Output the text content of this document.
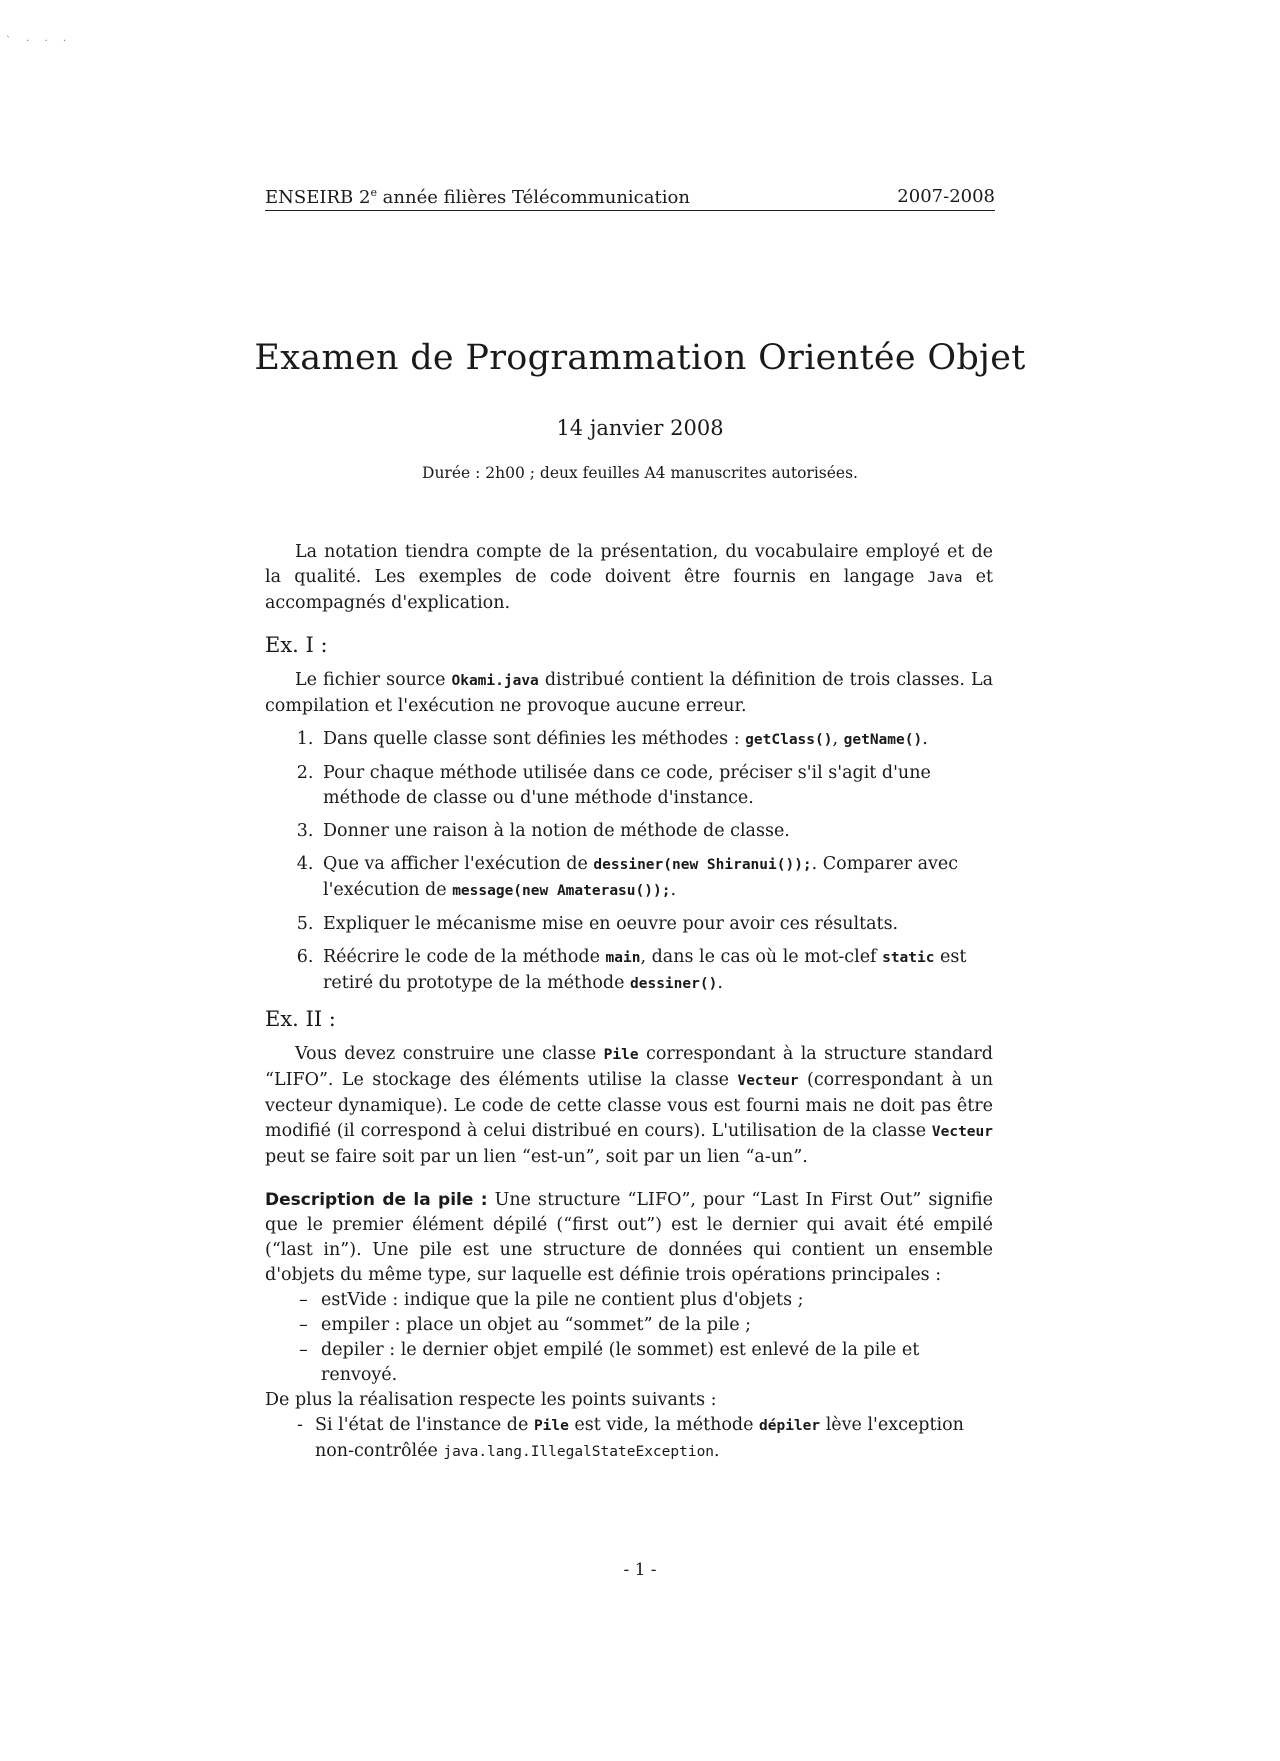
` · · ·
ENSEIRB 2e année filières Télécommunication	2007-2008
Examen de Programmation Orientée Objet
14 janvier 2008
Durée : 2h00 ; deux feuilles A4 manuscrites autorisées.

La notation tiendra compte de la présentation, du vocabulaire employé et de la qualité. Les exemples de code doivent être fournis en langage Java et accompagnés d'explication.

Ex. I :

Le fichier source Okami.java distribué contient la définition de trois classes. La compilation et l'exécution ne provoque aucune erreur.

1. Dans quelle classe sont définies les méthodes : getClass(), getName().
2. Pour chaque méthode utilisée dans ce code, préciser s'il s'agit d'une méthode de classe ou d'une méthode d'instance.
3. Donner une raison à la notion de méthode de classe.
4. Que va afficher l'exécution de dessiner(new Shiranui());. Comparer avec l'exécution de message(new Amaterasu());.
5. Expliquer le mécanisme mise en oeuvre pour avoir ces résultats.
6. Réécrire le code de la méthode main, dans le cas où le mot-clef static est retiré du prototype de la méthode dessiner().
Ex. II :

Vous devez construire une classe Pile correspondant à la structure standard “LIFO”. Le stockage des éléments utilise la classe Vecteur (correspondant à un vecteur dynamique). Le code de cette classe vous est fourni mais ne doit pas être modifié (il correspond à celui distribué en cours). L'utilisation de la classe Vecteur peut se faire soit par un lien “est-un”, soit par un lien “a-un”.

Description de la pile : Une structure “LIFO”, pour “Last In First Out” signifie que le premier élément dépilé (“first out”) est le dernier qui avait été empilé (“last in”). Une pile est une structure de données qui contient un ensemble d'objets du même type, sur laquelle est définie trois opérations principales :

– estVide : indique que la pile ne contient plus d'objets ;
– empiler : place un objet au “sommet” de la pile ;
– depiler : le dernier objet empilé (le sommet) est enlevé de la pile et renvoyé.

De plus la réalisation respecte les points suivants :

- Si l'état de l'instance de Pile est vide, la méthode dépiler lève l'exception non-contrôlée java.lang.IllegalStateException.
- 1 -
